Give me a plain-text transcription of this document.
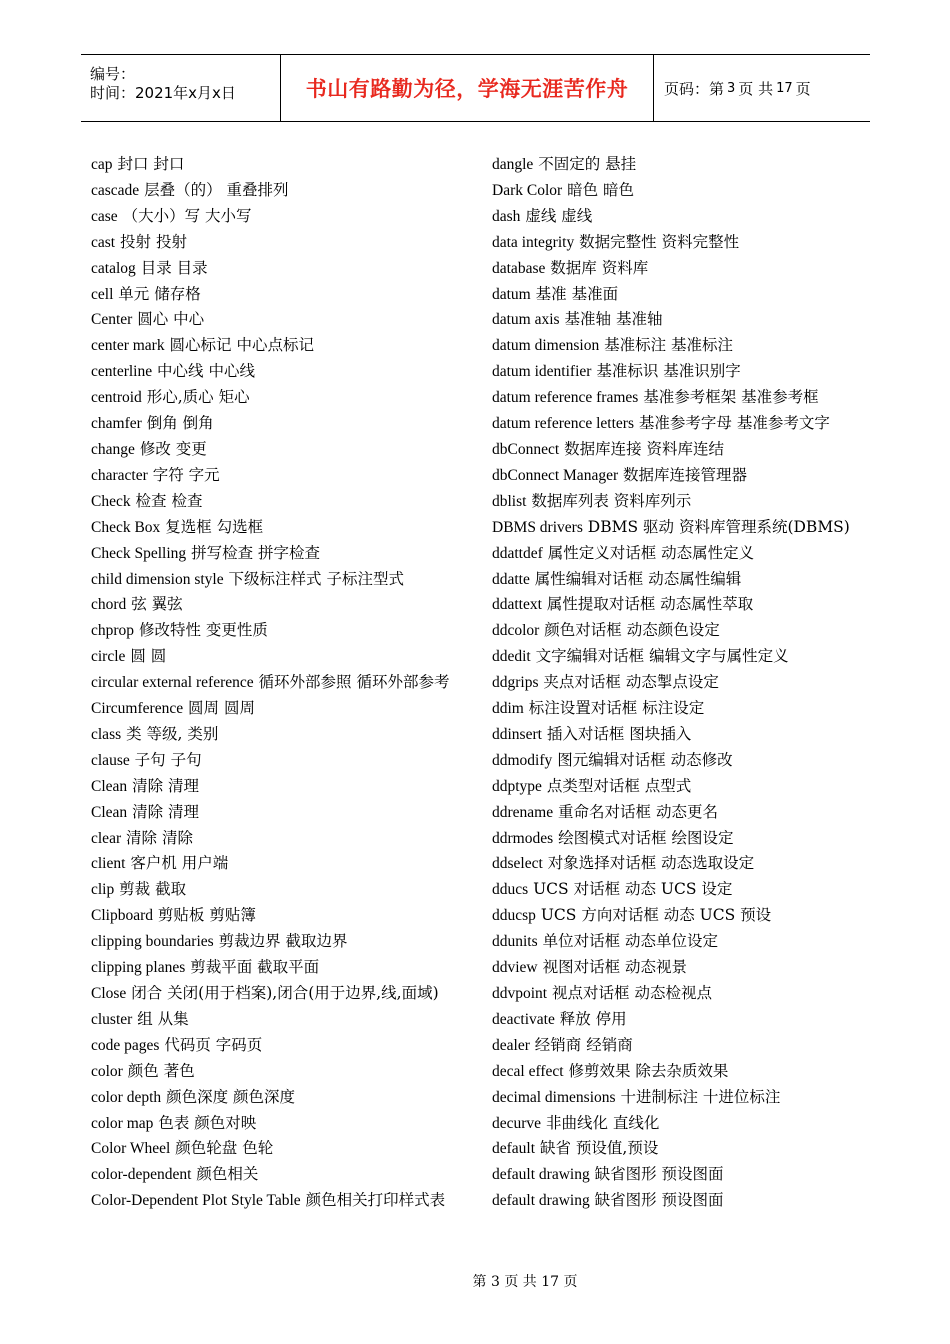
编号：
时间：2021年x月x日	书山有路勤为径，学海无涯苦作舟	页码：第 3 页 共 17 页
cap 封口 封口
cascade 层叠（的） 重叠排列
case （大小）写 大小写
cast 投射 投射
catalog 目录 目录
cell 单元 储存格
Center 圆心 中心
center mark 圆心标记 中心点标记
centerline 中心线 中心线
centroid 形心,质心 矩心
chamfer 倒角 倒角
change 修改 变更
character 字符 字元
Check 检查 检查
Check Box 复选框 勾选框
Check Spelling 拼写检查 拼字检查
child dimension style 下级标注样式 子标注型式
chord 弦 翼弦
chprop 修改特性 变更性质
circle 圆 圆
circular external reference 循环外部参照 循环外部参考
Circumference 圆周 圆周
class 类 等级, 类别
clause 子句 子句
Clean 清除 清理
Clean 清除 清理
clear 清除 清除
client 客户机 用户端
clip 剪裁 截取
Clipboard 剪贴板 剪贴簿
clipping boundaries 剪裁边界 截取边界
clipping planes 剪裁平面 截取平面
Close 闭合 关闭(用于档案),闭合(用于边界,线,面域)
cluster 组 从集
code pages 代码页 字码页
color 颜色 著色
color depth 颜色深度 颜色深度
color map 色表 颜色对映
Color Wheel 颜色轮盘 色轮
color-dependent 颜色相关
Color-Dependent Plot Style Table 颜色相关打印样式表
dangle 不固定的 悬挂
Dark Color 暗色 暗色
dash 虚线 虚线
data integrity 数据完整性 资料完整性
database 数据库 资料库
datum 基准 基准面
datum axis 基准轴 基准轴
datum dimension 基准标注 基准标注
datum identifier 基准标识 基准识别字
datum reference frames 基准参考框架 基准参考框
datum reference letters 基准参考字母 基准参考文字
dbConnect 数据库连接 资料库连结
dbConnect Manager 数据库连接管理器
dblist 数据库列表 资料库列示
DBMS drivers DBMS 驱动 资料库管理系统(DBMS)
ddattdef 属性定义对话框 动态属性定义
ddatte 属性编辑对话框 动态属性编辑
ddattext 属性提取对话框 动态属性萃取
ddcolor 颜色对话框 动态颜色设定
ddedit 文字编辑对话框 编辑文字与属性定义
ddgrips 夹点对话框 动态掣点设定
ddim 标注设置对话框 标注设定
ddinsert 插入对话框 图块插入
ddmodify 图元编辑对话框 动态修改
ddptype 点类型对话框 点型式
ddrename 重命名对话框 动态更名
ddrmodes 绘图模式对话框 绘图设定
ddselect 对象选择对话框 动态选取设定
dducs UCS 对话框 动态 UCS 设定
dducsp UCS 方向对话框 动态 UCS 预设
ddunits 单位对话框 动态单位设定
ddview 视图对话框 动态视景
ddvpoint 视点对话框 动态检视点
deactivate 释放 停用
dealer 经销商 经销商
decal effect 修剪效果 除去杂质效果
decimal dimensions 十进制标注 十进位标注
decurve 非曲线化 直线化
default 缺省 预设值,预设
default drawing 缺省图形 预设图面
default drawing 缺省图形 预设图面
第 3 页 共 17 页
